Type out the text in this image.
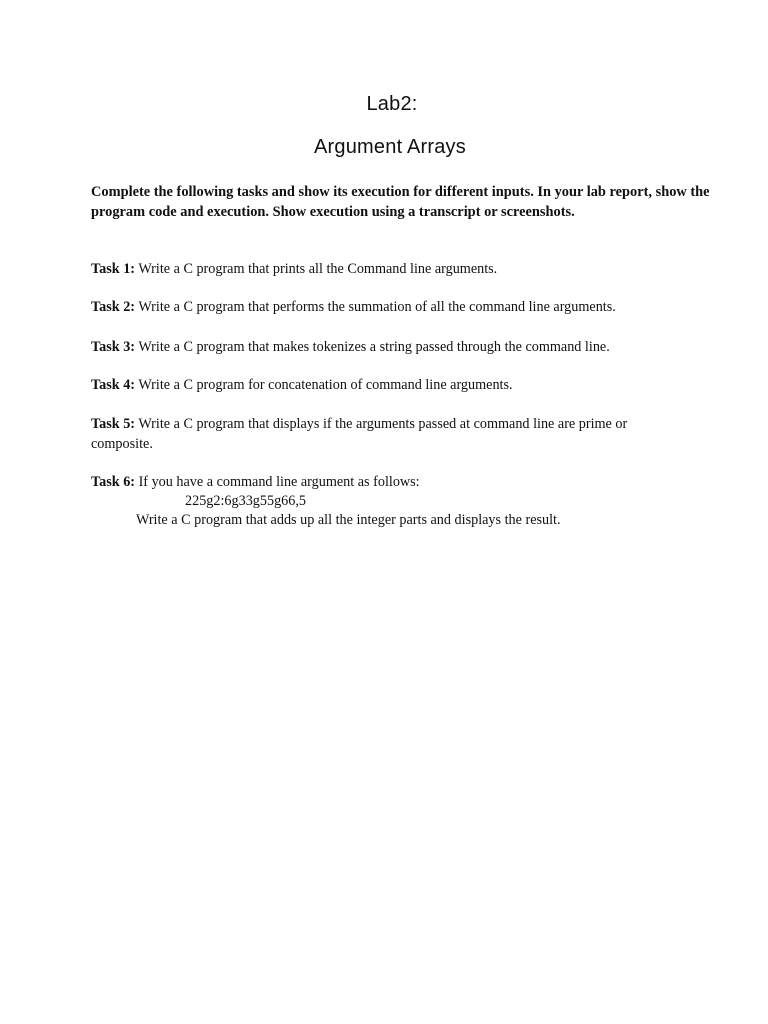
Lab2:
Argument Arrays
Complete the following tasks and show its execution for different inputs. In your lab report, show the program code and execution. Show execution using a transcript or screenshots.
Task 1: Write a C program that prints all the Command line arguments.
Task 2: Write a C program that performs the summation of all the command line arguments.
Task 3: Write a C program that makes tokenizes a string passed through the command line.
Task 4: Write a C program for concatenation of command line arguments.
Task 5: Write a C program that displays if the arguments passed at command line are prime or composite.
Task 6: If you have a command line argument as follows:
225g2:6g33g55g66,5
Write a C program that adds up all the integer parts and displays the result.
